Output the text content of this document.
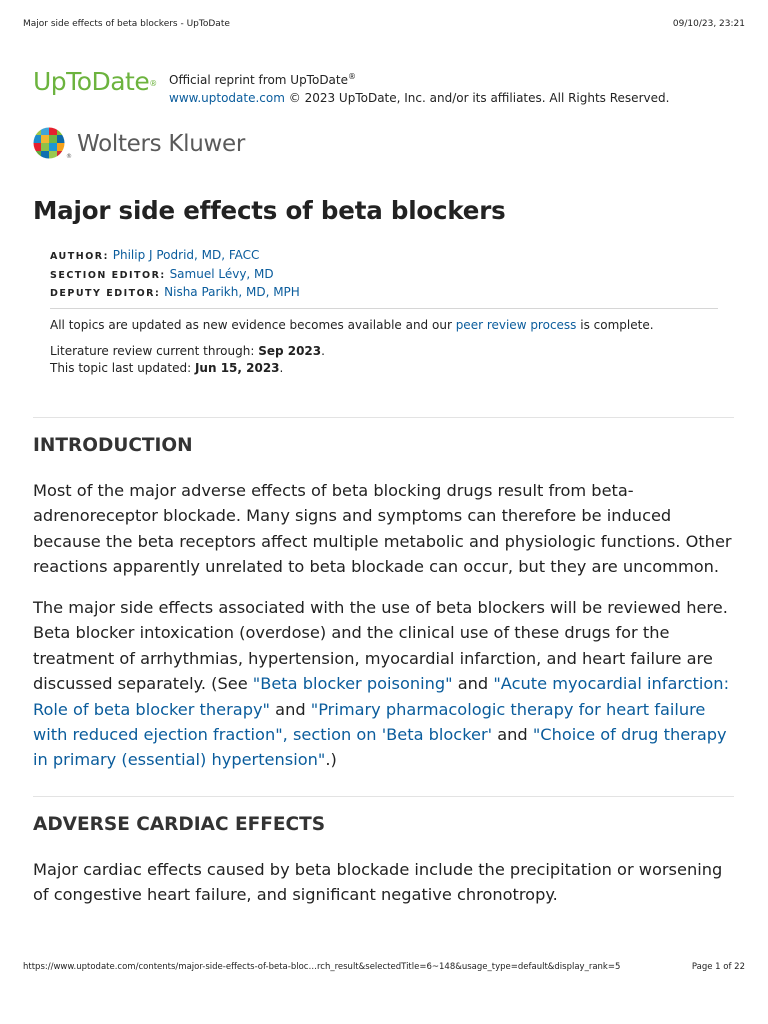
Major side effects of beta blockers - UpToDate	09/10/23, 23:21
UpToDate®	Official reprint from UpToDate®
www.uptodate.com © 2023 UpToDate, Inc. and/or its affiliates. All Rights Reserved.
® Wolters Kluwer
Major side effects of beta blockers
AUTHOR: Philip J Podrid, MD, FACC
SECTION EDITOR: Samuel Lévy, MD
DEPUTY EDITOR: Nisha Parikh, MD, MPH
All topics are updated as new evidence becomes available and our peer review process is complete.
Literature review current through: Sep 2023.
This topic last updated: Jun 15, 2023.
INTRODUCTION

Most of the major adverse effects of beta blocking drugs result from beta-adrenoreceptor blockade. Many signs and symptoms can therefore be induced because the beta receptors affect multiple metabolic and physiologic functions. Other reactions apparently unrelated to beta blockade can occur, but they are uncommon.

The major side effects associated with the use of beta blockers will be reviewed here. Beta blocker intoxication (overdose) and the clinical use of these drugs for the treatment of arrhythmias, hypertension, myocardial infarction, and heart failure are discussed separately. (See "Beta blocker poisoning" and "Acute myocardial infarction: Role of beta blocker therapy" and "Primary pharmacologic therapy for heart failure with reduced ejection fraction", section on 'Beta blocker' and "Choice of drug therapy in primary (essential) hypertension".)

ADVERSE CARDIAC EFFECTS

Major cardiac effects caused by beta blockade include the precipitation or worsening of congestive heart failure, and significant negative chronotropy.

https://www.uptodate.com/contents/major-side-effects-of-beta-bloc…rch_result&selectedTitle=6~148&usage_type=default&display_rank=5	Page 1 of 22
